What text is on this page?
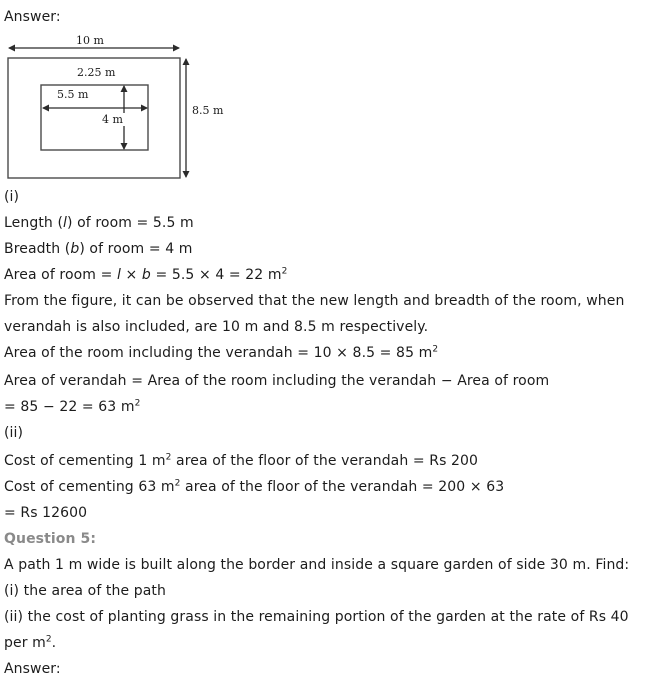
Answer:
10 m
2.25 m
5.5 m
4 m
8.5 m
(i)
Length (l) of room = 5.5 m
Breadth (b) of room = 4 m
Area of room = l × b = 5.5 × 4 = 22 $m^2$
From the figure, it can be observed that the new length and breadth of the room, when
verandah is also included, are 10 m and 8.5 m respectively.
Area of the room including the verandah = 10 × 8.5 = 85 $m^2$
Area of verandah = Area of the room including the verandah − Area of room
= 85 − 22 = 63 $m^2$
(ii)
Cost of cementing 1 $m^2$ area of the floor of the verandah = Rs 200
Cost of cementing 63 $m^2$ area of the floor of the verandah = 200 × 63
= Rs 12600
Question 5:
A path 1 m wide is built along the border and inside a square garden of side 30 m. Find:
(i) the area of the path
(ii) the cost of planting grass in the remaining portion of the garden at the rate of Rs 40
per $m^2$.
Answer:
